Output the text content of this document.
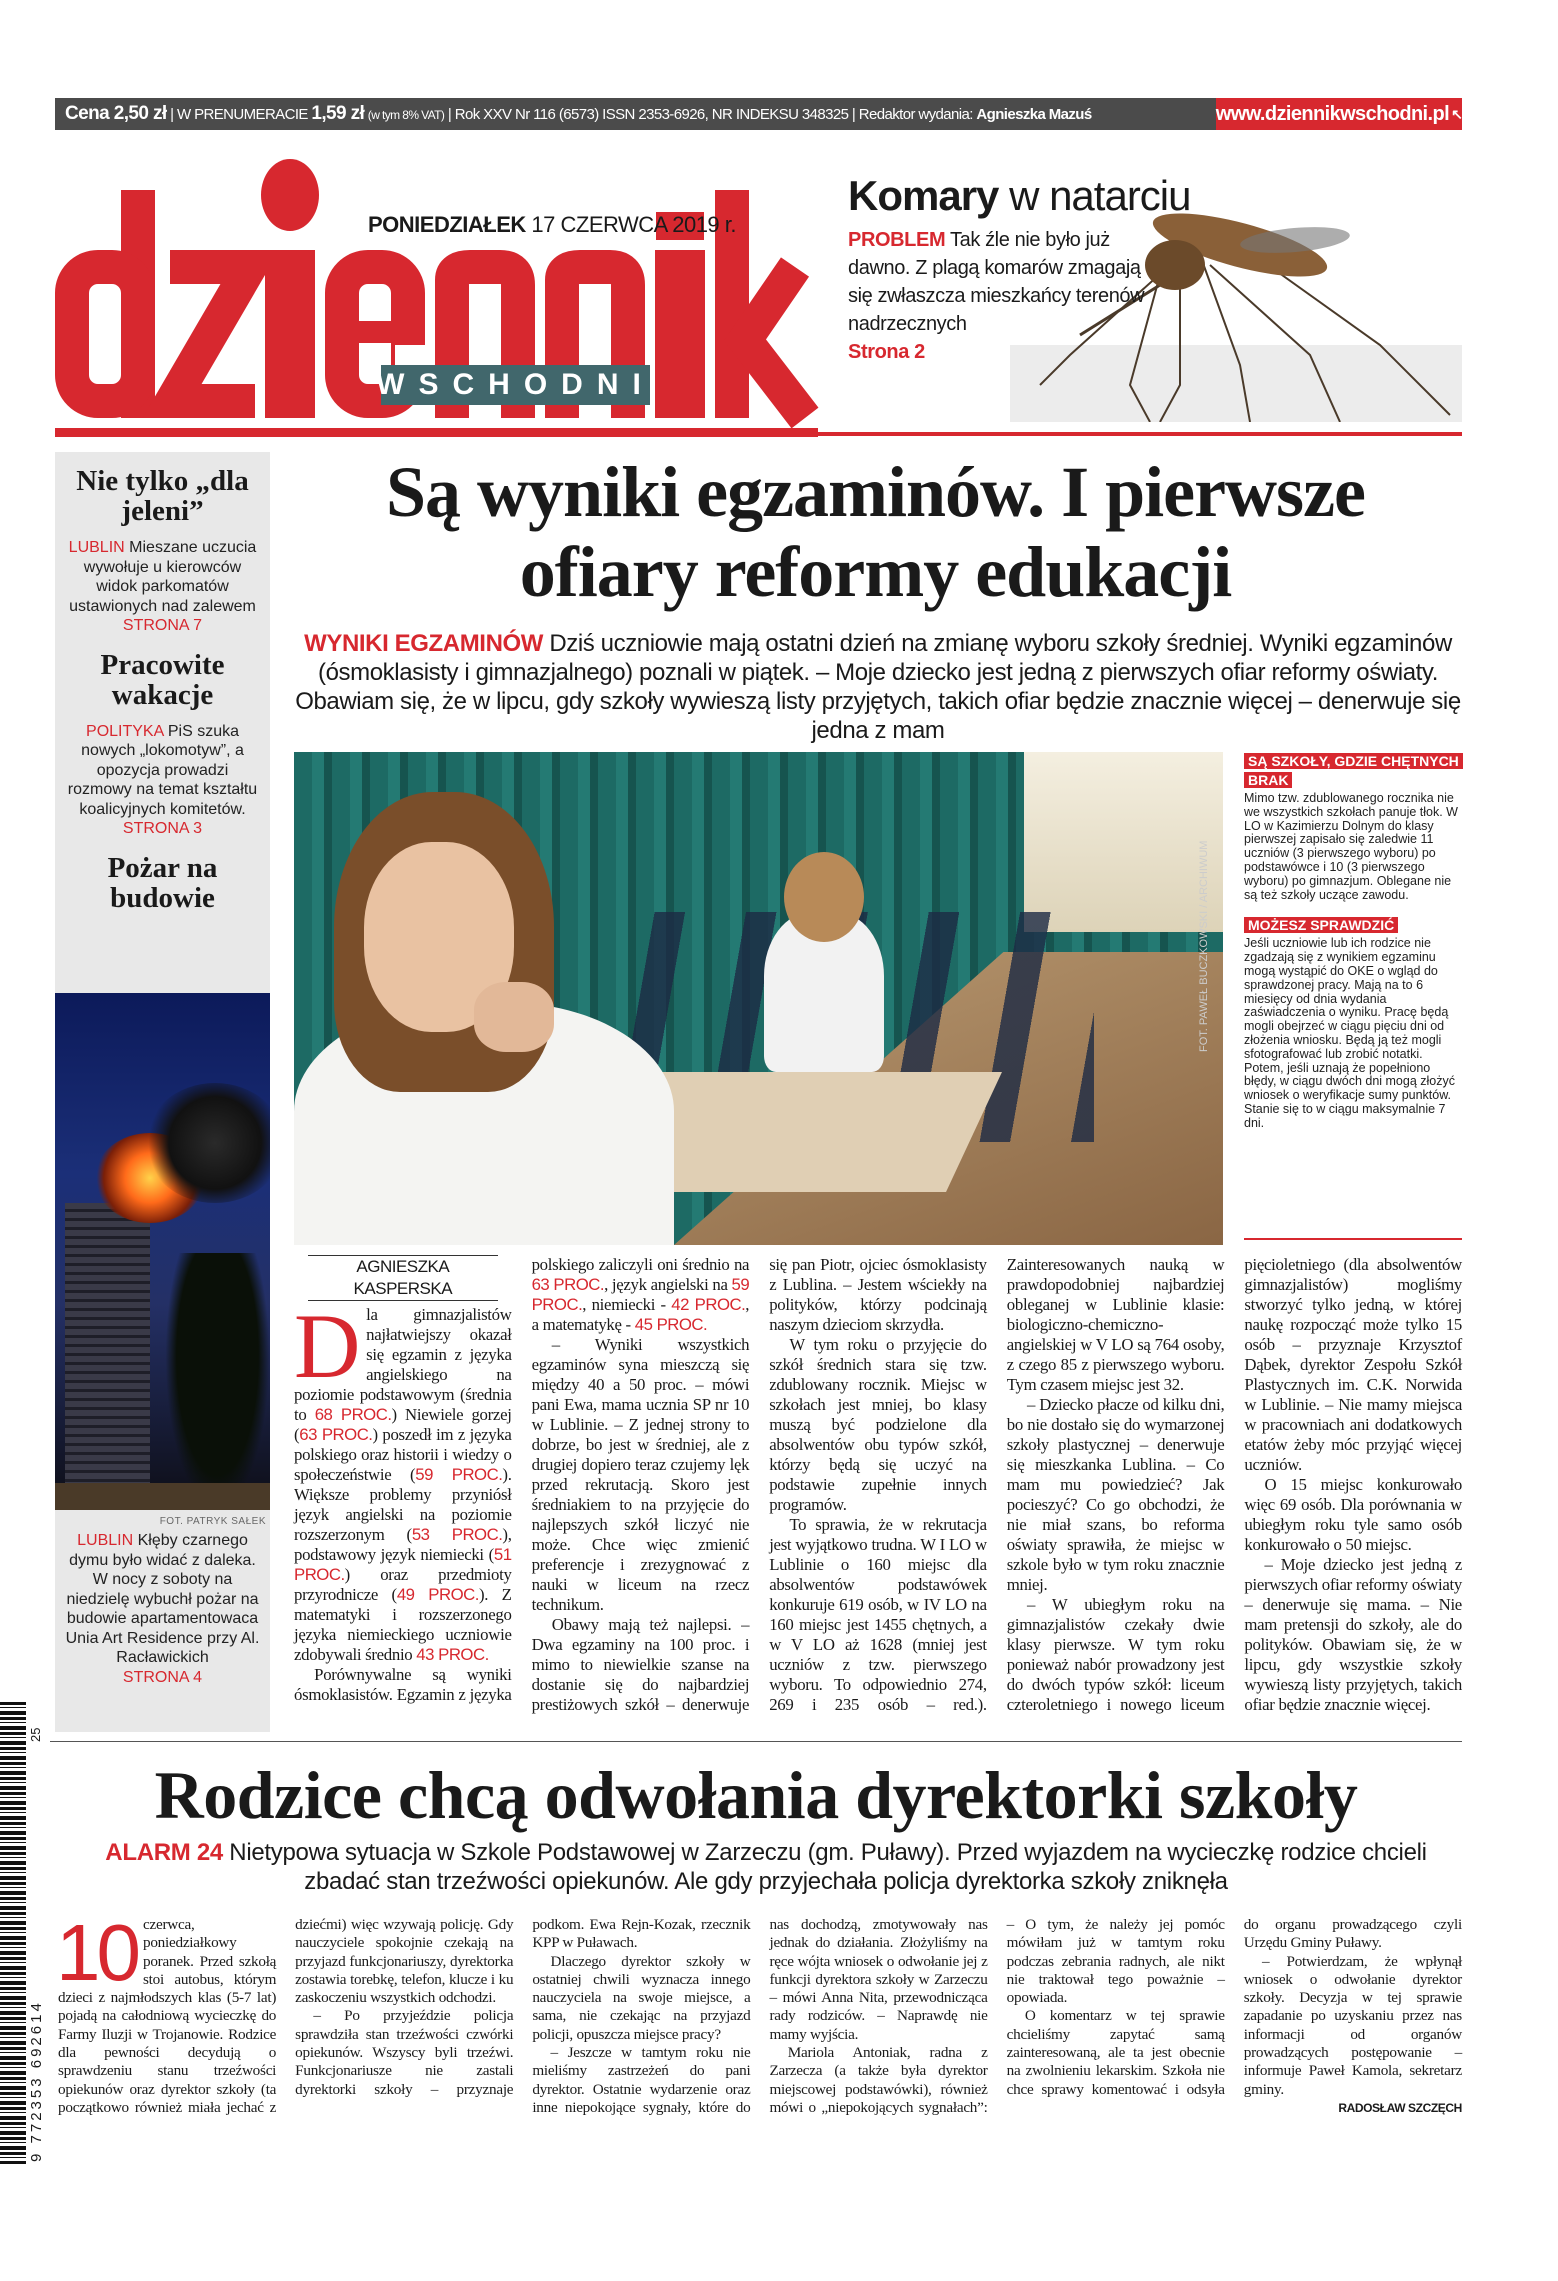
Cena 2,50 zł | W PRENUMERACIE 1,59 zł (w tym 8% VAT) | Rok XXV Nr 116 (6573) ISSN 2353-6926, NR INDEKSU 348325 | Redaktor wydania: Agnieszka Mazuś	www.dziennikwschodni.pl ↖
WSCHODNI
PONIEDZIAŁEK 17 CZERWCA 2019 r.
Komary w natarciu

PROBLEM Tak źle nie było już dawno. Z plagą komarów zmagają się zwłaszcza mieszkańcy terenów nadrzecznych
Strona 2

Nie tylko „dla jeleni”
LUBLIN Mieszane uczucia wywołuje u kierowców widok parkomatów ustawionych nad zalewem
STRONA 7
Pracowite wakacje
POLITYKA PiS szuka nowych „lokomotyw”, a opozycja prowadzi rozmowy na temat kształtu koalicyjnych komitetów.
STRONA 3
Pożar na budowie
FOT. PATRYK SAŁEK
LUBLIN Kłęby czarnego dymu było widać z daleka. W nocy z soboty na niedzielę wybuchł pożar na budowie apartamentowaca Unia Art Residence przy Al. Racławickich
STRONA 4
Są wyniki egzaminów. I pierwsze ofiary reformy edukacji
WYNIKI EGZAMINÓW Dziś uczniowie mają ostatni dzień na zmianę wyboru szkoły średniej. Wyniki egzaminów (ósmoklasisty i gimnazjalnego) poznali w piątek. – Moje dziecko jest jedną z pierwszych ofiar reformy oświaty. Obawiam się, że w lipcu, gdy szkoły wywieszą listy przyjętych, takich ofiar będzie znacznie więcej – denerwuje się jedna z mam
FOT. PAWEŁ BUCZKOWSKI / ARCHIWUM
SĄ SZKOŁY, GDZIE CHĘTNYCH BRAK
Mimo tzw. zdublowanego rocznika nie we wszystkich szkołach panuje tłok. W LO w Kazimierzu Dolnym do klasy pierwszej zapisało się zaledwie 11 uczniów (3 pierwszego wyboru) po podstawówce i 10 (3 pierwszego wyboru) po gimnazjum. Oblegane nie są też szkoły uczące zawodu.
MOŻESZ SPRAWDZIĆ
Jeśli uczniowie lub ich rodzice nie zgadzają się z wynikiem egzaminu mogą wystąpić do OKE o wgląd do sprawdzonej pracy. Mają na to 6 miesięcy od dnia wydania zaświadczenia o wyniku. Pracę będą mogli obejrzeć w ciągu pięciu dni od złożenia wniosku. Będą ją też mogli sfotografować lub zrobić notatki. Potem, jeśli uznają że popełniono błędy, w ciągu dwóch dni mogą złożyć wniosek o weryfikacje sumy punktów. Stanie się to w ciągu maksymalnie 7 dni.
AGNIESZKA KASPERSKA

Dla gimnazjalistów najłatwiejszy okazał się egzamin z języka angielskiego na poziomie podstawowym (średnia to 68 PROC.) Niewiele gorzej (63 PROC.) poszedł im z języka polskiego oraz historii i wiedzy o społeczeństwie (59 PROC.). Większe problemy przyniósł język angielski na poziomie rozszerzonym (53 PROC.), podstawowy język niemiecki (51 PROC.) oraz przedmioty przyrodnicze (49 PROC.). Z matematyki i rozszerzonego języka niemieckiego uczniowie zdobywali średnio 43 PROC.

Porównywalne są wyniki ósmoklasistów. Egzamin z języka polskiego zaliczyli oni średnio na 63 PROC., język angielski na 59 PROC., niemiecki - 42 PROC., a matematykę - 45 PROC.

– Wyniki wszystkich egzaminów syna mieszczą się między 40 a 50 proc. – mówi pani Ewa, mama ucznia SP nr 10 w Lublinie. – Z jednej strony to dobrze, bo jest w średniej, ale z drugiej dopiero teraz czujemy lęk przed rekrutacją. Skoro jest średniakiem to na przyjęcie do najlepszych szkół liczyć nie może. Chce więc zmienić preferencje i zrezygnować z nauki w liceum na rzecz technikum.

Obawy mają też najlepsi. – Dwa egzaminy na 100 proc. i mimo to niewielkie szanse na dostanie się do najbardziej prestiżowych szkół – denerwuje się pan Piotr, ojciec ósmoklasisty z Lublina. – Jestem wściekły na polityków, którzy podcinają naszym dzieciom skrzydła.

W tym roku o przyjęcie do szkół średnich stara się tzw. zdublowany rocznik. Miejsc w szkołach jest mniej, bo klasy muszą być podzielone dla absolwentów obu typów szkół, którzy będą się uczyć na podstawie zupełnie innych programów.

To sprawia, że w rekrutacja jest wyjątkowo trudna. W I LO w Lublinie o 160 miejsc dla absolwentów podstawówek konkuruje 619 osób, w IV LO na 160 miejsc jest 1455 chętnych, a w V LO aż 1628 (mniej jest uczniów z tzw. pierwszego wyboru. To odpowiednio 274, 269 i 235 osób – red.). Zainteresowanych nauką w prawdopodobniej najbardziej obleganej w Lublinie klasie: biologiczno-chemiczno-angielskiej w V LO są 764 osoby, z czego 85 z pierwszego wyboru. Tym czasem miejsc jest 32.

– Dziecko płacze od kilku dni, bo nie dostało się do wymarzonej szkoły plastycznej – denerwuje się mieszkanka Lublina. – Co mam mu powiedzieć? Jak pocieszyć? Co go obchodzi, że nie miał szans, bo reforma oświaty sprawiła, że miejsc w szkole było w tym roku znacznie mniej.

– W ubiegłym roku na gimnazjalistów czekały dwie klasy pierwsze. W tym roku ponieważ nabór prowadzony jest do dwóch typów szkół: liceum czteroletniego i nowego liceum pięcioletniego (dla absolwentów gimnazjalistów) mogliśmy stworzyć tylko jedną, w której naukę rozpocząć może tylko 15 osób – przyznaje Krzysztof Dąbek, dyrektor Zespołu Szkół Plastycznych im. C.K. Norwida w Lublinie. – Nie mamy miejsca w pracowniach ani dodatkowych etatów żeby móc przyjąć więcej uczniów.

O 15 miejsc konkurowało więc 69 osób. Dla porównania w ubiegłym roku tyle samo osób konkurowało o 50 miejsc.

– Moje dziecko jest jedną z pierwszych ofiar reformy oświaty – denerwuje się mama. – Nie mam pretensji do szkoły, ale do polityków. Obawiam się, że w lipcu, gdy wszystkie szkoły wywieszą listy przyjętych, takich ofiar będzie znacznie więcej.

25
9 772353 692614
Rodzice chcą odwołania dyrektorki szkoły
ALARM 24 Nietypowa sytuacja w Szkole Podstawowej w Zarzeczu (gm. Puławy). Przed wyjazdem na wycieczkę rodzice chcieli zbadać stan trzeźwości opiekunów. Ale gdy przyjechała policja dyrektorka szkoły zniknęła

10 czerwca, poniedziałkowy poranek. Przed szkołą stoi autobus, którym dzieci z najmłodszych klas (5-7 lat) pojadą na całodniową wycieczkę do Farmy Iluzji w Trojanowie. Rodzice dla pewności decydują o sprawdzeniu stanu trzeźwości opiekunów oraz dyrektor szkoły (ta początkowo również miała jechać z dziećmi) więc wzywają policję. Gdy nauczyciele spokojnie czekają na przyjazd funkcjonariuszy, dyrektorka zostawia torebkę, telefon, klucze i ku zaskoczeniu wszystkich odchodzi.

– Po przyjeździe policja sprawdziła stan trzeźwości czwórki opiekunów. Wszyscy byli trzeźwi. Funkcjonariusze nie zastali dyrektorki szkoły – przyznaje podkom. Ewa Rejn-Kozak, rzecznik KPP w Puławach.

Dlaczego dyrektor szkoły w ostatniej chwili wyznacza innego nauczyciela na swoje miejsce, a sama, nie czekając na przyjazd policji, opuszcza miejsce pracy?

– Jeszcze w tamtym roku nie mieliśmy zastrzeżeń do pani dyrektor. Ostatnie wydarzenie oraz inne niepokojące sygnały, które do nas dochodzą, zmotywowały nas jednak do działania. Złożyliśmy na ręce wójta wniosek o odwołanie jej z funkcji dyrektora szkoły w Zarzeczu – mówi Anna Nita, przewodnicząca rady rodziców. – Naprawdę nie mamy wyjścia.

Mariola Antoniak, radna z Zarzecza (a także była dyrektor miejscowej podstawówki), również mówi o „niepokojących sygnałach”: – O tym, że należy jej pomóc mówiłam już w tamtym roku podczas zebrania radnych, ale nikt nie traktował tego poważnie – opowiada.

O komentarz w tej sprawie chcieliśmy zapytać samą zainteresowaną, ale ta jest obecnie na zwolnieniu lekarskim. Szkoła nie chce sprawy komentować i odsyła do organu prowadzącego czyli Urzędu Gminy Puławy.

– Potwierdzam, że wpłynął wniosek o odwołanie dyrektor szkoły. Decyzja w tej sprawie zapadanie po uzyskaniu przez nas informacji od organów prowadzących postępowanie – informuje Paweł Kamola, sekretarz gminy.

RADOSŁAW SZCZĘCH
